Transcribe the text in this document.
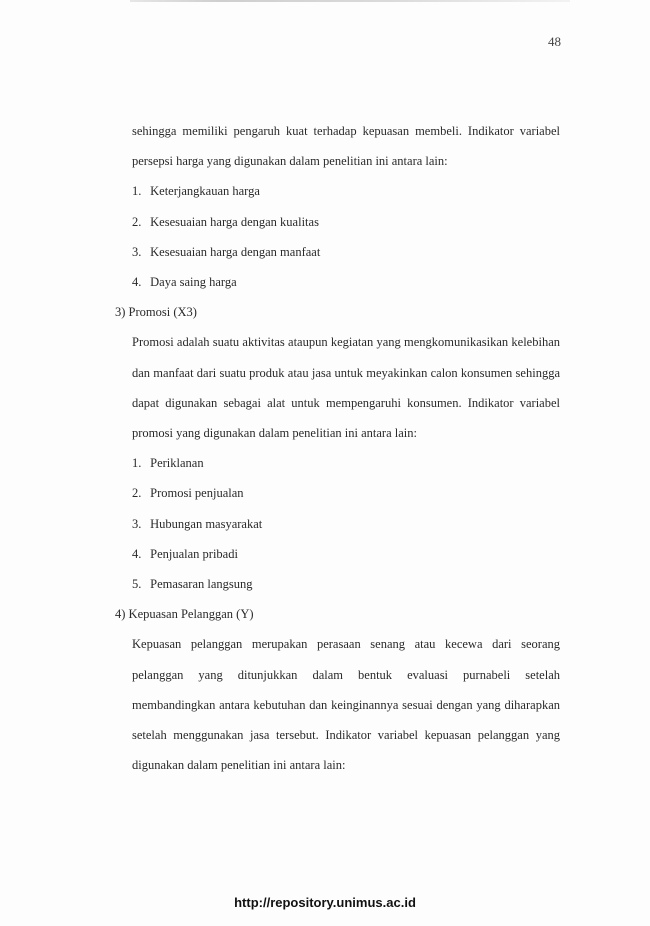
48

sehingga memiliki pengaruh kuat terhadap kepuasan membeli. Indikator variabel persepsi harga yang digunakan dalam penelitian ini antara lain:

1. Keterjangkauan harga

2. Kesesuaian harga dengan kualitas

3. Kesesuaian harga dengan manfaat

4. Daya saing harga

3) Promosi (X3)

Promosi adalah suatu aktivitas ataupun kegiatan yang mengkomunikasikan kelebihan dan manfaat dari suatu produk atau jasa untuk meyakinkan calon konsumen sehingga dapat digunakan sebagai alat untuk mempengaruhi konsumen. Indikator variabel promosi yang digunakan dalam penelitian ini antara lain:

1. Periklanan

2. Promosi penjualan

3. Hubungan masyarakat

4. Penjualan pribadi

5. Pemasaran langsung

4) Kepuasan Pelanggan (Y)

Kepuasan pelanggan merupakan perasaan senang atau kecewa dari seorang pelanggan yang ditunjukkan dalam bentuk evaluasi purnabeli setelah membandingkan antara kebutuhan dan keinginannya sesuai dengan yang diharapkan setelah menggunakan jasa tersebut. Indikator variabel kepuasan pelanggan yang digunakan dalam penelitian ini antara lain:

http://repository.unimus.ac.id
